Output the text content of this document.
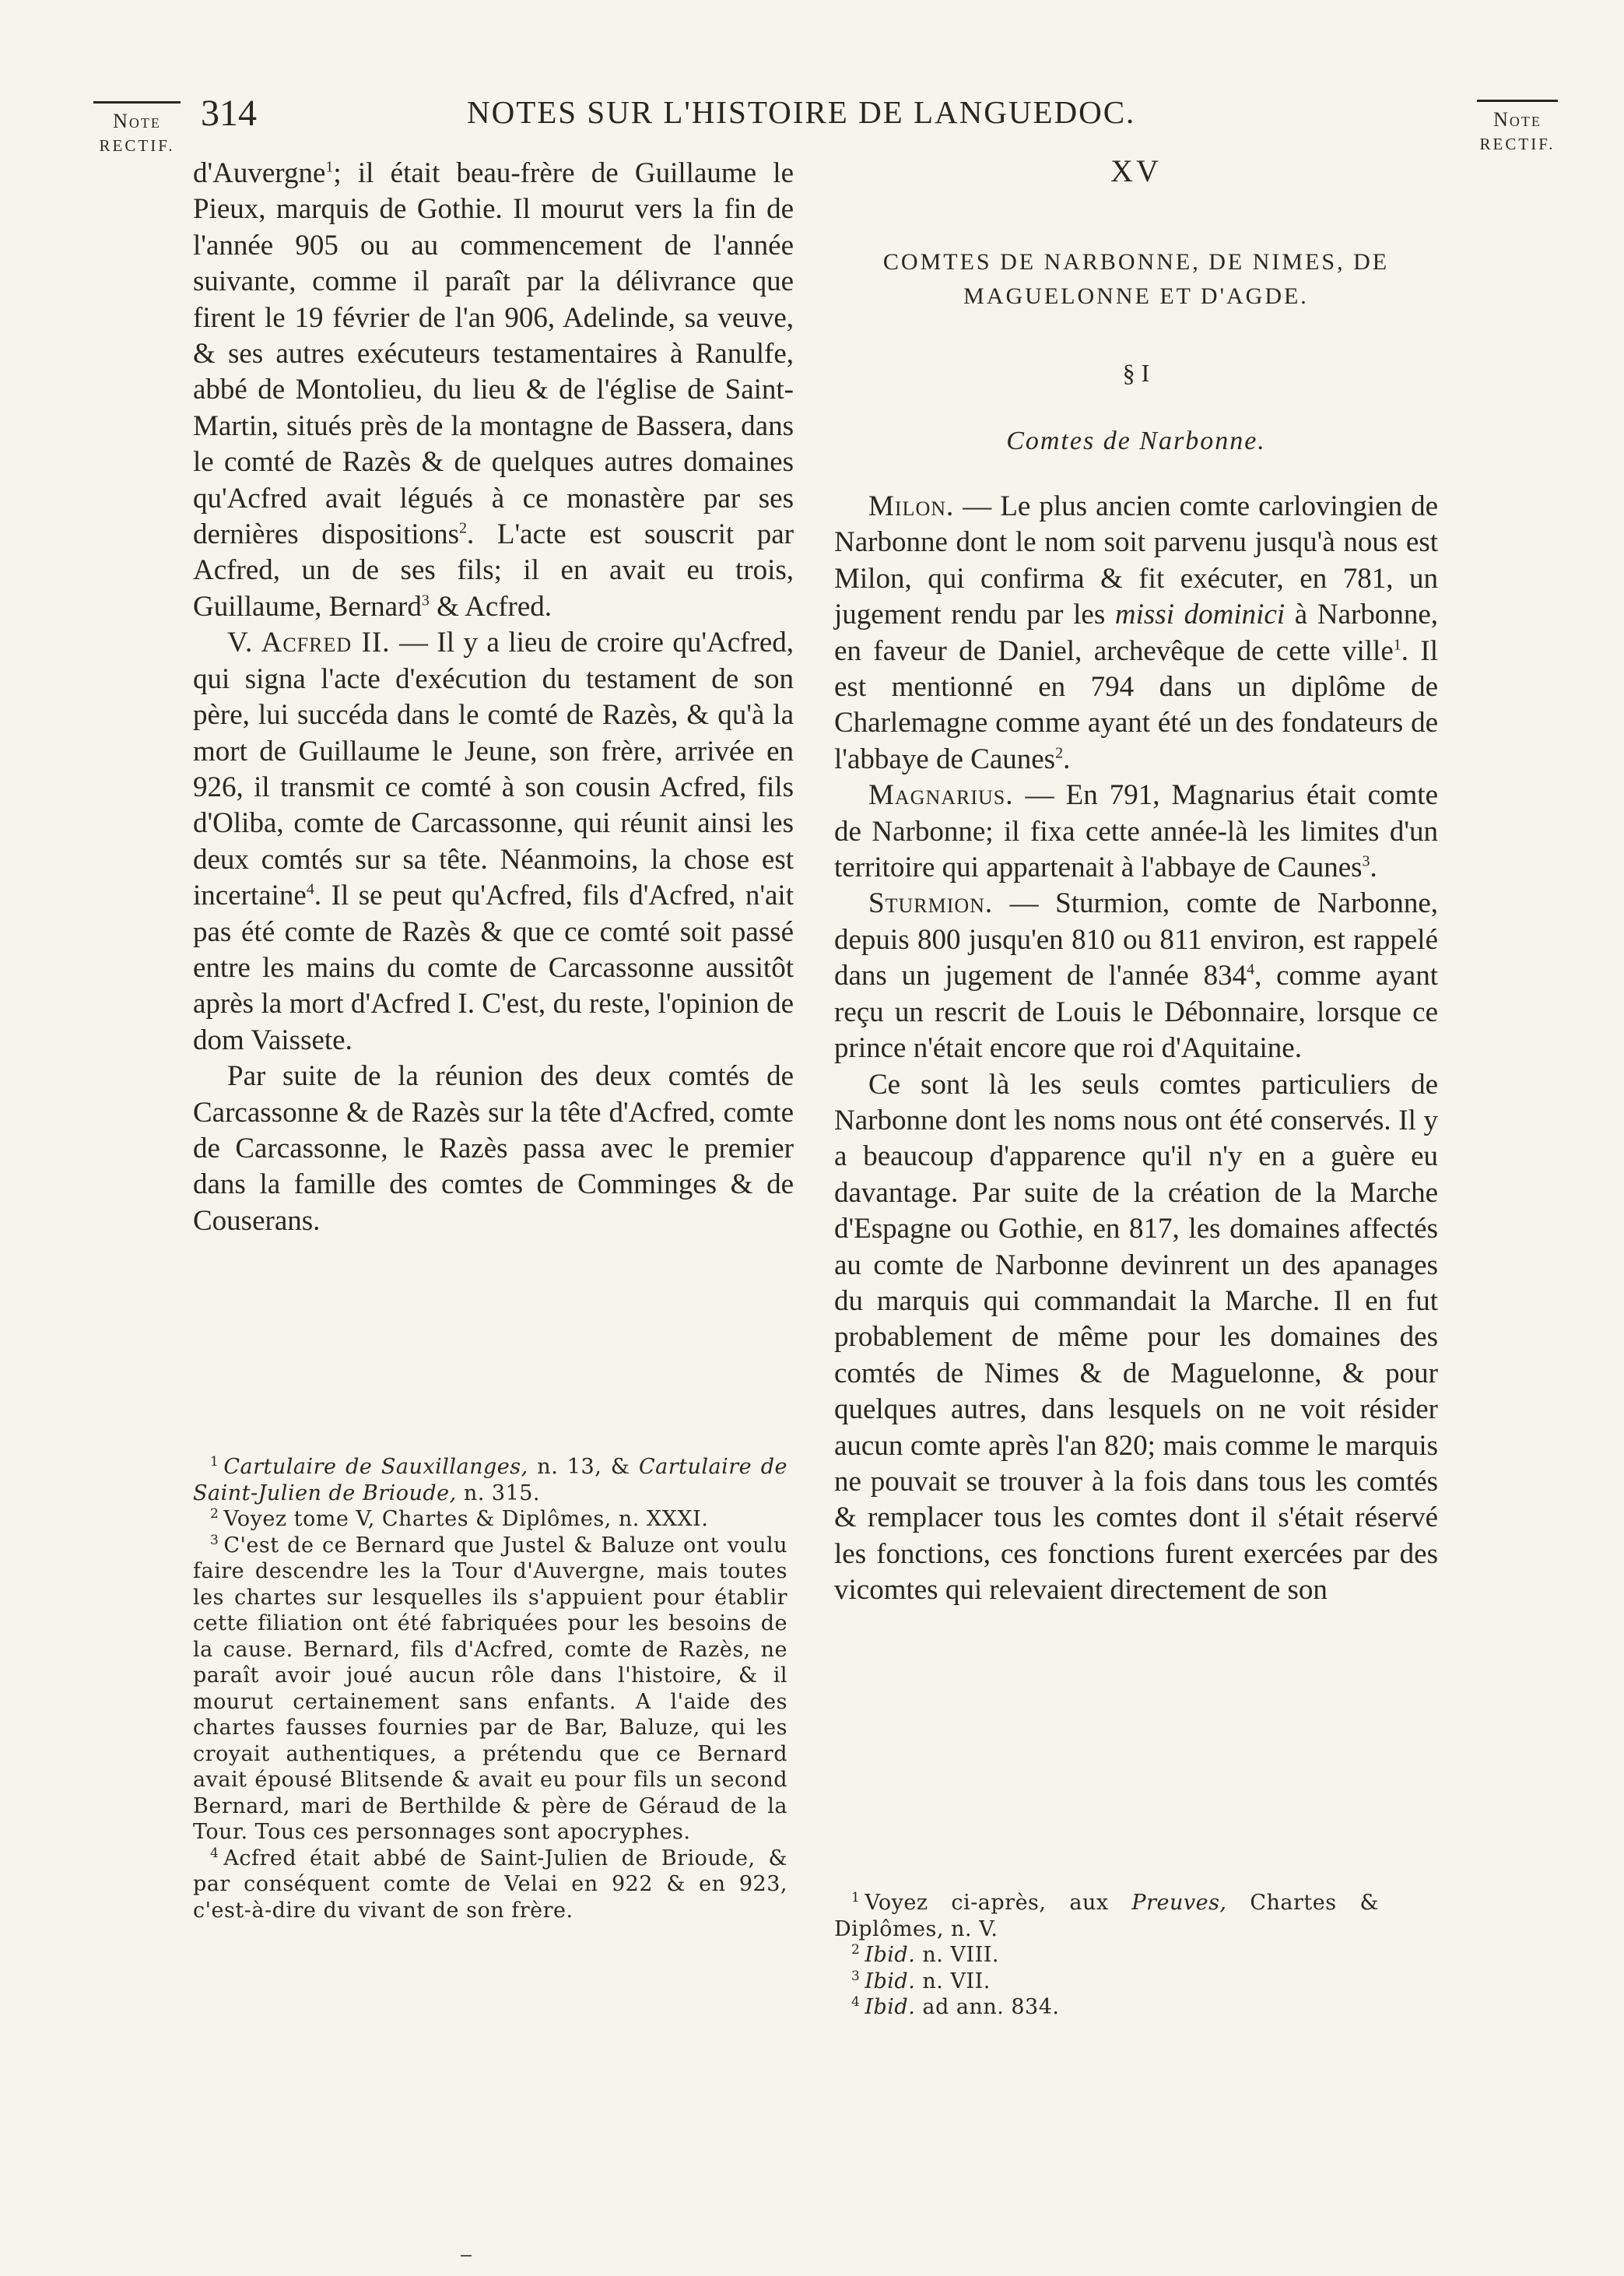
Note
RECTIF.
Note
RECTIF.
314	NOTES SUR L'HISTOIRE DE LANGUEDOC.

d'Auvergne$^1$; il était beau-frère de Guillaume le Pieux, marquis de Gothie. Il mourut vers la fin de l'année 905 ou au commencement de l'année suivante, comme il paraît par la délivrance que firent le 19 février de l'an 906, Adelinde, sa veuve, & ses autres exécuteurs testamentaires à Ranulfe, abbé de Montolieu, du lieu & de l'église de Saint-Martin, situés près de la montagne de Bassera, dans le comté de Razès & de quelques autres domaines qu'Acfred avait légués à ce monastère par ses dernières dispositions$^2$. L'acte est souscrit par Acfred, un de ses fils; il en avait eu trois, Guillaume, Bernard$^3$ & Acfred.

V. Acfred II. — Il y a lieu de croire qu'Acfred, qui signa l'acte d'exécution du testament de son père, lui succéda dans le comté de Razès, & qu'à la mort de Guillaume le Jeune, son frère, arrivée en 926, il transmit ce comté à son cousin Acfred, fils d'Oliba, comte de Carcassonne, qui réunit ainsi les deux comtés sur sa tête. Néanmoins, la chose est incertaine$^4$. Il se peut qu'Acfred, fils d'Acfred, n'ait pas été comte de Razès & que ce comté soit passé entre les mains du comte de Carcassonne aussitôt après la mort d'Acfred I. C'est, du reste, l'opinion de dom Vaissete.

Par suite de la réunion des deux comtés de Carcassonne & de Razès sur la tête d'Acfred, comte de Carcassonne, le Razès passa avec le premier dans la famille des comtes de Comminges & de Couserans.

$^1$ Cartulaire de Sauxillanges, n. 13, & Cartulaire de Saint-Julien de Brioude, n. 315.

$^2$ Voyez tome V, Chartes & Diplômes, n. XXXI.

$^3$ C'est de ce Bernard que Justel & Baluze ont voulu faire descendre les la Tour d'Auvergne, mais toutes les chartes sur lesquelles ils s'appuient pour établir cette filiation ont été fabriquées pour les besoins de la cause. Bernard, fils d'Acfred, comte de Razès, ne paraît avoir joué aucun rôle dans l'histoire, & il mourut certainement sans enfants. A l'aide des chartes fausses fournies par de Bar, Baluze, qui les croyait authentiques, a prétendu que ce Bernard avait épousé Blitsende & avait eu pour fils un second Bernard, mari de Berthilde & père de Géraud de la Tour. Tous ces personnages sont apocryphes.

$^4$ Acfred était abbé de Saint-Julien de Brioude, & par conséquent comte de Velai en 922 & en 923, c'est-à-dire du vivant de son frère.

XV
COMTES DE NARBONNE, DE NIMES, DE
MAGUELONNE ET D'AGDE.
§ I
Comtes de Narbonne.

Milon. — Le plus ancien comte carlovingien de Narbonne dont le nom soit parvenu jusqu'à nous est Milon, qui confirma & fit exécuter, en 781, un jugement rendu par les missi dominici à Narbonne, en faveur de Daniel, archevêque de cette ville$^1$. Il est mentionné en 794 dans un diplôme de Charlemagne comme ayant été un des fondateurs de l'abbaye de Caunes$^2$.

Magnarius. — En 791, Magnarius était comte de Narbonne; il fixa cette année-là les limites d'un territoire qui appartenait à l'abbaye de Caunes$^3$.

Sturmion. — Sturmion, comte de Narbonne, depuis 800 jusqu'en 810 ou 811 environ, est rappelé dans un jugement de l'année $834^4$, comme ayant reçu un rescrit de Louis le Débonnaire, lorsque ce prince n'était encore que roi d'Aquitaine.

Ce sont là les seuls comtes particuliers de Narbonne dont les noms nous ont été conservés. Il y a beaucoup d'apparence qu'il n'y en a guère eu davantage. Par suite de la création de la Marche d'Espagne ou Gothie, en 817, les domaines affectés au comte de Narbonne devinrent un des apanages du marquis qui commandait la Marche. Il en fut probablement de même pour les domaines des comtés de Nimes & de Maguelonne, & pour quelques autres, dans lesquels on ne voit résider aucun comte après l'an 820; mais comme le marquis ne pouvait se trouver à la fois dans tous les comtés & remplacer tous les comtes dont il s'était réservé les fonctions, ces fonctions furent exercées par des vicomtes qui relevaient directement de son

$^1$ Voyez ci-après, aux Preuves, Chartes & Diplômes, n. V.

$^2$ Ibid. n. VIII.

$^3$ Ibid. n. VII.

$^4$ Ibid. ad ann. 834.
